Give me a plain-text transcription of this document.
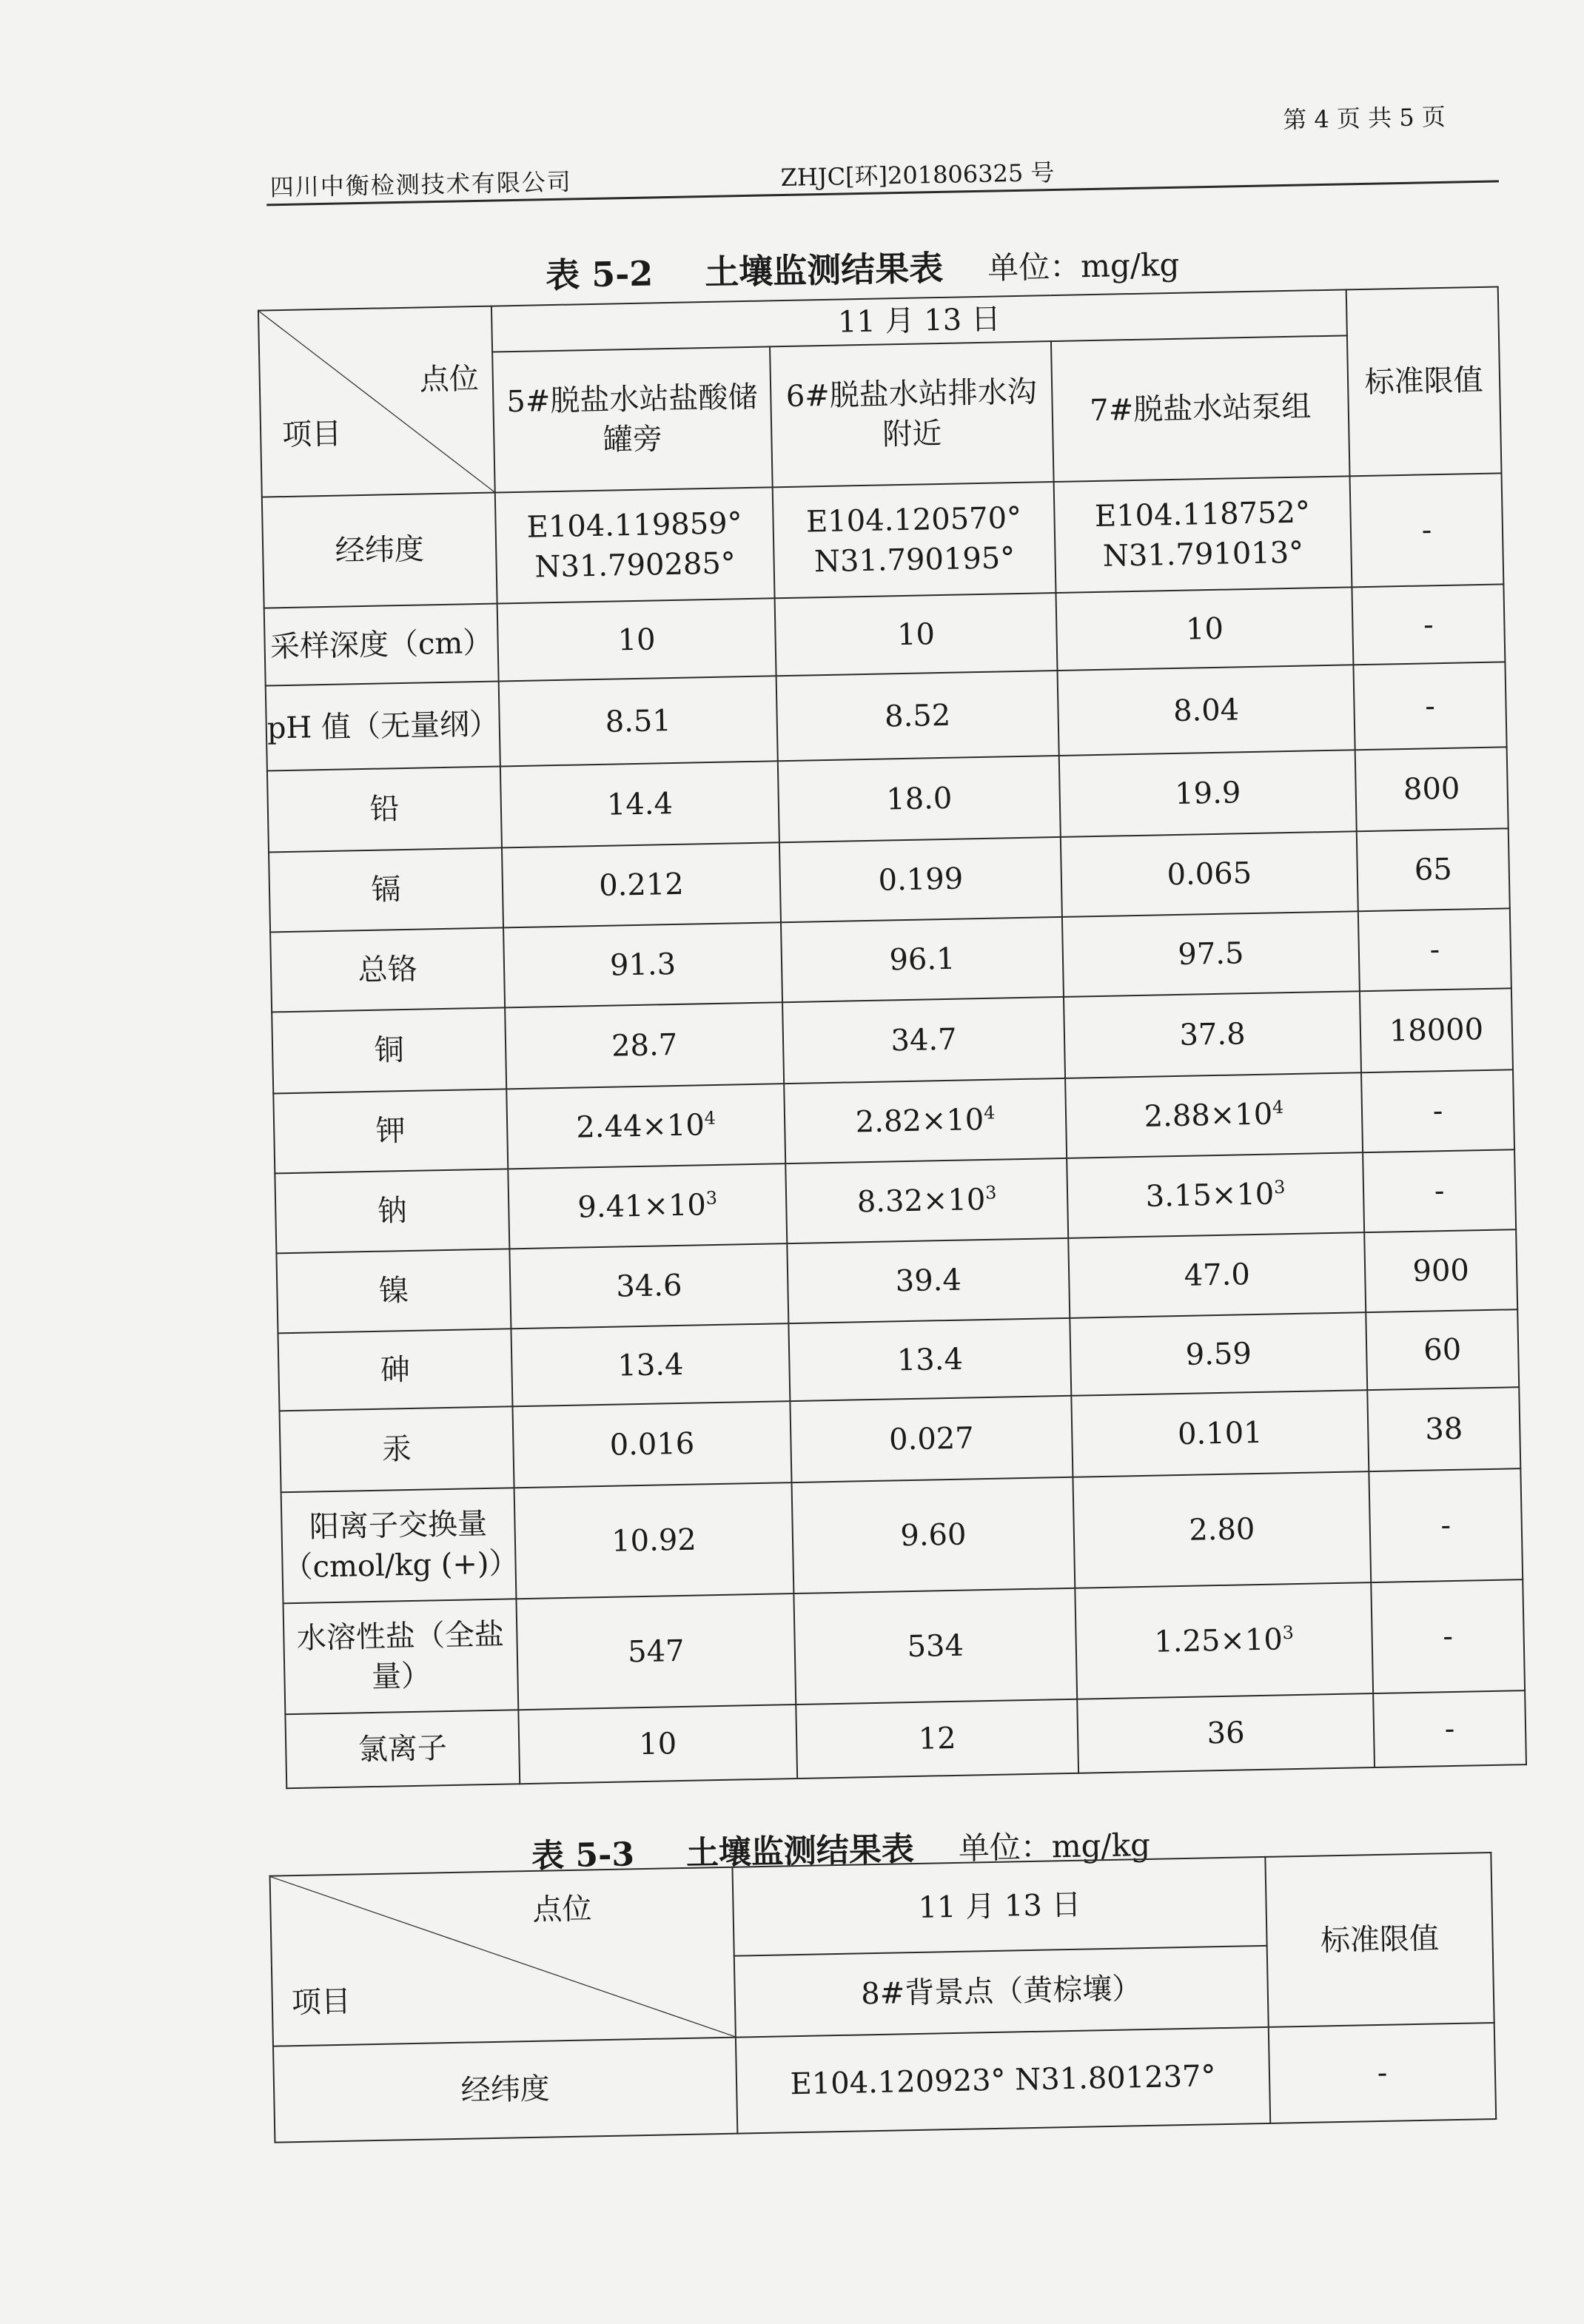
四川中衡检测技术有限公司	ZHJC[环]201806325 号
第 4 页 共 5 页
表 5-2 土壤监测结果表 单位：mg/kg
点位
项目	11 月 13 日			标准限值
	5#脱盐水站盐酸储罐旁	6#脱盐水站排水沟附近	7#脱盐水站泵组	
经纬度	E104.119859° N31.790285°	E104.120570° N31.790195°	E104.118752° N31.791013°	-
采样深度（cm）	10	10	10	-
pH 值（无量纲）	8.51	8.52	8.04	-
铅	14.4	18.0	19.9	800
镉	0.212	0.199	0.065	65
总铬	91.3	96.1	97.5	-
铜	28.7	34.7	37.8	18000
钾	$2.44\times 10^4$	$2.82\times 10^4$	$2.88\times 10^4$	-
钠	$9.41\times 10^3$	$8.32\times 10^3$	$3.15\times 10^3$	-
镍	34.6	39.4	47.0	900
砷	13.4	13.4	9.59	60
汞	0.016	0.027	0.101	38
阳离子交换量（cmol/kg (+)）	10.92	9.60	2.80	-
水溶性盐（全盐量）	547	534	$1.25\times 10^3$	-
氯离子	10	12	36	-
表 5-3 土壤监测结果表 单位：mg/kg
点位
项目	11 月 13 日	标准限值
	8#背景点（黄棕壤）	
经纬度	E104.120923° N31.801237°	-
